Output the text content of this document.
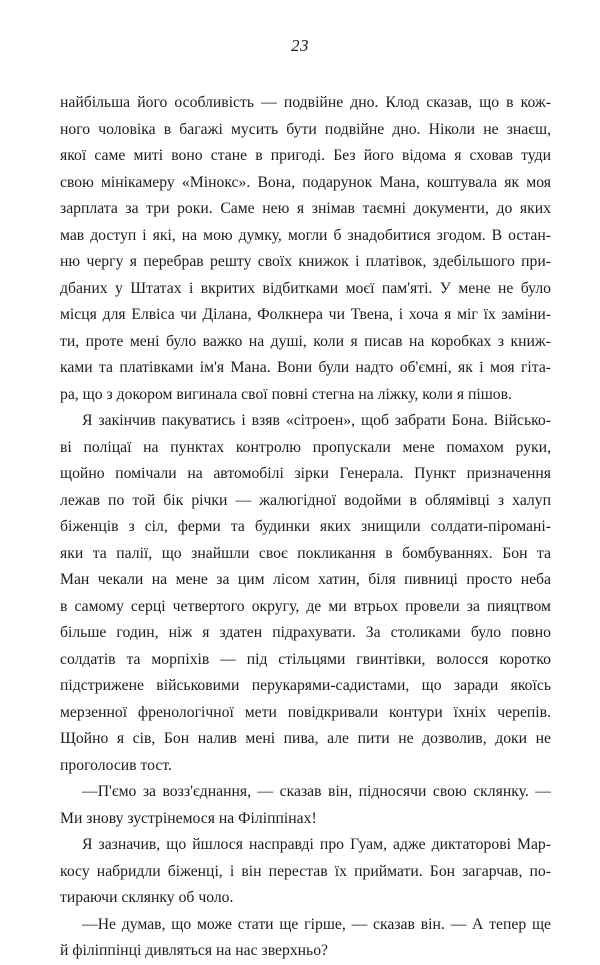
23
найбільша його особливість — подвійне дно. Клод сказав, що в кож-
ного чоловіка в багажі мусить бути подвійне дно. Ніколи не знаєш,
якої саме миті воно стане в пригоді. Без його відома я сховав туди
свою мінікамеру «Мінокс». Вона, подарунок Мана, коштувала як моя
зарплата за три роки. Саме нею я знімав таємні документи, до яких
мав доступ і які, на мою думку, могли б знадобитися згодом. В остан-
ню чергу я перебрав решту своїх книжок і платівок, здебільшого при-
дбаних у Штатах і вкритих відбитками моєї пам'яті. У мене не було
місця для Елвіса чи Ділана, Фолкнера чи Твена, і хоча я міг їх заміни-
ти, проте мені було важко на душі, коли я писав на коробках з книж-
ками та платівками ім'я Мана. Вони були надто об'ємні, як і моя гіта-
ра, що з докором вигинала свої повні стегна на ліжку, коли я пішов.
Я закінчив пакуватись і взяв «сітроен», щоб забрати Бона. Військо-
ві поліцаї на пунктах контролю пропускали мене помахом руки,
щойно помічали на автомобілі зірки Генерала. Пункт призначення
лежав по той бік річки — жалюгідної водойми в облямівці з халуп
біженців з сіл, ферми та будинки яких знищили солдати-піромані-
яки та палії, що знайшли своє покликання в бомбуваннях. Бон та
Ман чекали на мене за цим лісом хатин, біля пивниці просто неба
в самому серці четвертого округу, де ми втрьох провели за пияцтвом
більше годин, ніж я здатен підрахувати. За столиками було повно
солдатів та морпіхів — під стільцями гвинтівки, волосся коротко
підстрижене військовими перукарями-садистами, що заради якоїсь
мерзенної френологічної мети повідкривали контури їхніх черепів.
Щойно я сів, Бон налив мені пива, але пити не дозволив, доки не
проголосив тост.
—П'ємо за возз'єднання, — сказав він, підносячи свою склянку. —
Ми знову зустрінемося на Філіппінах!
Я зазначив, що йшлося насправді про Гуам, адже диктаторові Мар-
косу набридли біженці, і він перестав їх приймати. Бон загарчав, по-
тираючи склянку об чоло.
—Не думав, що може стати ще гірше, — сказав він. — А тепер ще
й філіппінці дивляться на нас зверхньо?
